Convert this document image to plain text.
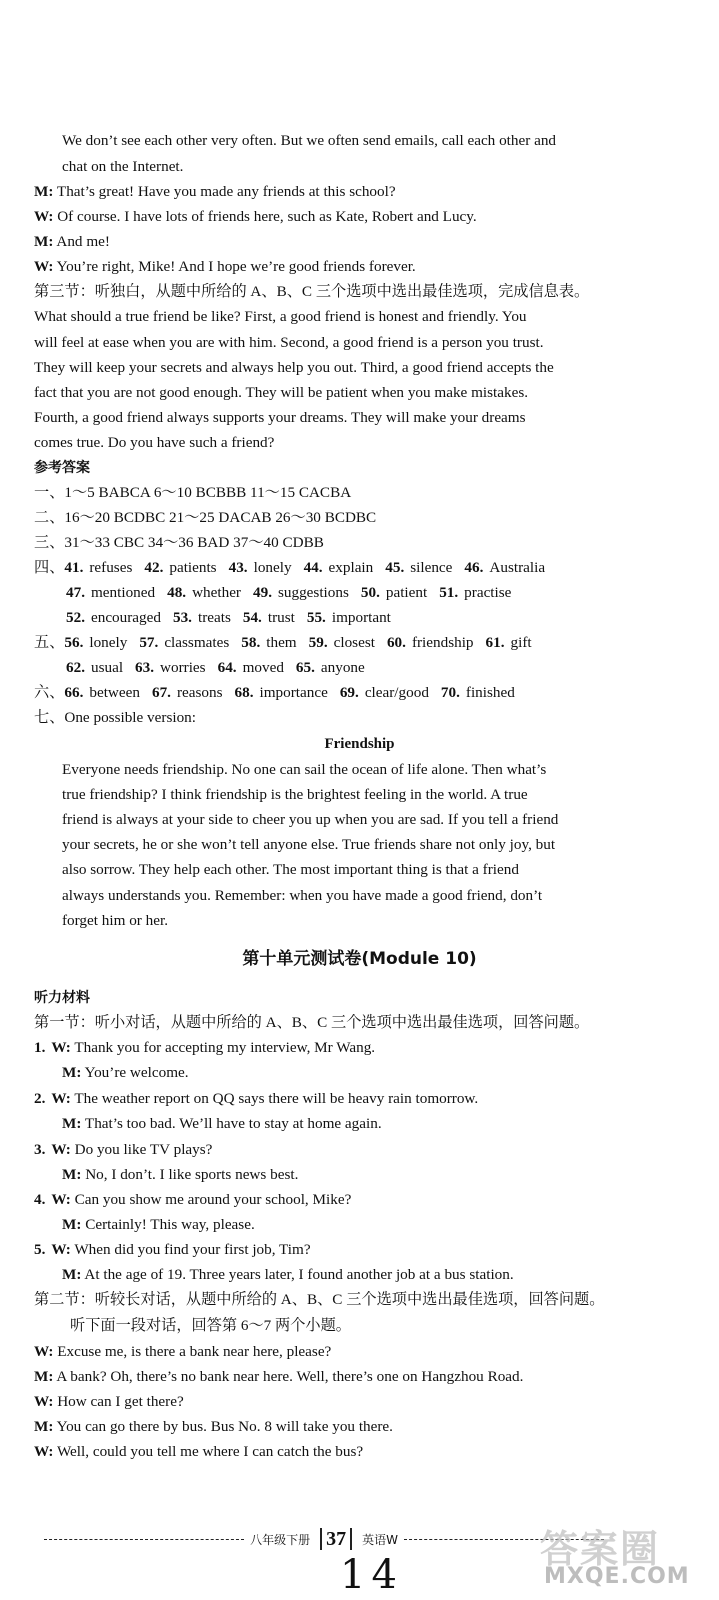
We don’t see each other very often. But we often send emails, call each other and
chat on the Internet.
M: That’s great! Have you made any friends at this school?
W: Of course. I have lots of friends here, such as Kate, Robert and Lucy.
M: And me!
W: You’re right, Mike! And I hope we’re good friends forever.
第三节：听独白，从题中所给的 A、B、C 三个选项中选出最佳选项，完成信息表。
What should a true friend be like? First, a good friend is honest and friendly. You
will feel at ease when you are with him. Second, a good friend is a person you trust.
They will keep your secrets and always help you out. Third, a good friend accepts the
fact that you are not good enough. They will be patient when you make mistakes.
Fourth, a good friend always supports your dreams. They will make your dreams
comes true. Do you have such a friend?
参考答案
一、1～5 BABCA 6～10 BCBBB 11～15 CACBA
二、16～20 BCDBC 21～25 DACAB 26～30 BCDBC
三、31～33 CBC 34～36 BAD 37～40 CDBB
四、41. refuses 42. patients 43. lonely 44. explain 45. silence 46. Australia
47. mentioned 48. whether 49. suggestions 50. patient 51. practise
52. encouraged 53. treats 54. trust 55. important
五、56. lonely 57. classmates 58. them 59. closest 60. friendship 61. gift
62. usual 63. worries 64. moved 65. anyone
六、66. between 67. reasons 68. importance 69. clear/good 70. finished
七、One possible version:
Friendship
Everyone needs friendship. No one can sail the ocean of life alone. Then what’s
true friendship? I think friendship is the brightest feeling in the world. A true
friend is always at your side to cheer you up when you are sad. If you tell a friend
your secrets, he or she won’t tell anyone else. True friends share not only joy, but
also sorrow. They help each other. The most important thing is that a friend
always understands you. Remember: when you have made a good friend, don’t
forget him or her.
第十单元测试卷(Module 10)
听力材料
第一节：听小对话，从题中所给的 A、B、C 三个选项中选出最佳选项，回答问题。
1. W: Thank you for accepting my interview, Mr Wang.
M: You’re welcome.
2. W: The weather report on QQ says there will be heavy rain tomorrow.
M: That’s too bad. We’ll have to stay at home again.
3. W: Do you like TV plays?
M: No, I don’t. I like sports news best.
4. W: Can you show me around your school, Mike?
M: Certainly! This way, please.
5. W: When did you find your first job, Tim?
M: At the age of 19. Three years later, I found another job at a bus station.
第二节：听较长对话，从题中所给的 A、B、C 三个选项中选出最佳选项，回答问题。
听下面一段对话，回答第 6～7 两个小题。
W: Excuse me, is there a bank near here, please?
M: A bank? Oh, there’s no bank near here. Well, there’s one on Hangzhou Road.
W: How can I get there?
M: You can go there by bus. Bus No. 8 will take you there.
W: Well, could you tell me where I can catch the bus?
八年级下册 37	英语W
14
答案圈
MXQE.COM
